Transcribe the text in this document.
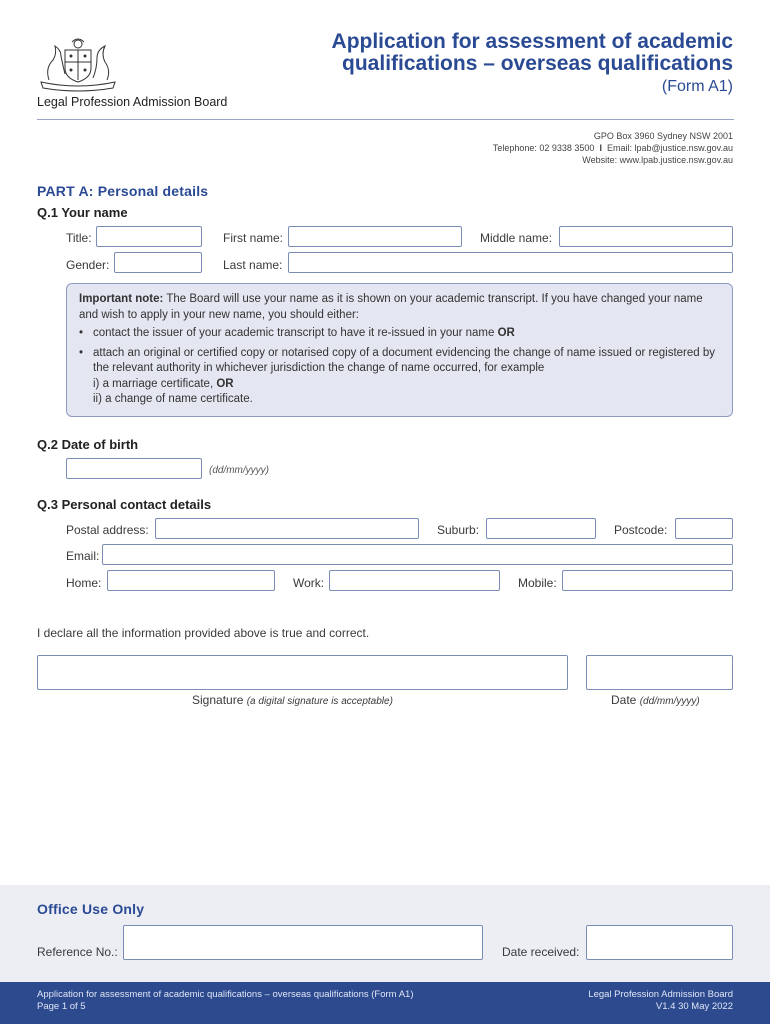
Application for assessment of academic
qualifications – overseas qualifications
(Form A1)
Legal Profession Admission Board
GPO Box 3960 Sydney NSW 2001
Telephone: 02 9338 3500 I Email: lpab@justice.nsw.gov.au
Website: www.lpab.justice.nsw.gov.au
PART A: Personal details
Q.1 Your name
Title:	First name:	Middle name:
Gender:	Last name:

Important note: The Board will use your name as it is shown on your academic transcript. If you have changed your name and wish to apply in your new name, you should either:

• contact the issuer of your academic transcript to have it re-issued in your name OR
• attach an original or certified copy or notarised copy of a document evidencing the change of name issued or registered by the relevant authority in whichever jurisdiction the change of name occurred, for example
i) a marriage certificate, OR
ii) a change of name certificate.
Q.2 Date of birth
(dd/mm/yyyy)
Q.3 Personal contact details
Postal address:	Suburb:	Postcode:
Email:
Home:	Work:	Mobile:
I declare all the information provided above is true and correct.
Signature (a digital signature is acceptable)	Date (dd/mm/yyyy)
Office Use Only
Reference No.:	Date received:
Application for assessment of academic qualifications – overseas qualifications (Form A1)
Page 1 of 5
Legal Profession Admission Board
V1.4 30 May 2022
